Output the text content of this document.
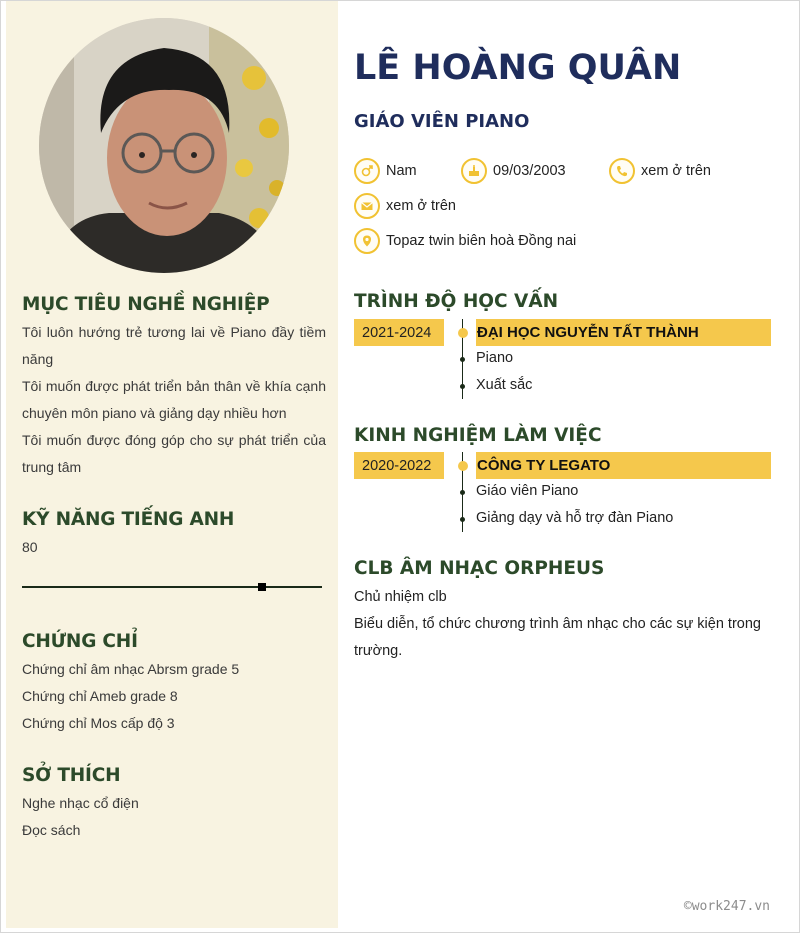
MỤC TIÊU NGHỀ NGHIỆP
Tôi luôn hướng trẻ tương lai về Piano đầy tiềm năng
Tôi muốn được phát triển bản thân về khía cạnh chuyên môn piano và giảng dạy nhiều hơn
Tôi muốn được đóng góp cho sự phát triển của trung tâm
KỸ NĂNG TIẾNG ANH
80
CHỨNG CHỈ
Chứng chỉ âm nhạc Abrsm grade 5
Chứng chỉ Ameb grade 8
Chứng chỉ Mos cấp độ 3
SỞ THÍCH
Nghe nhạc cổ điện
Đọc sách
LÊ HOÀNG QUÂN
GIÁO VIÊN PIANO
Nam	09/03/2003	xem ở trên
xem ở trên
Topaz twin biên hoà Đồng nai
TRÌNH ĐỘ HỌC VẤN
2021-2024	ĐẠI HỌC NGUYỄN TẤT THÀNH
Piano
Xuất sắc
KINH NGHIỆM LÀM VIỆC
2020-2022	CÔNG TY LEGATO
Giáo viên Piano
Giảng dạy và hỗ trợ đàn Piano
CLB ÂM NHẠC ORPHEUS
Chủ nhiệm clb
Biểu diễn, tổ chức chương trình âm nhạc cho các sự kiện trong trường.
©work247.vn
